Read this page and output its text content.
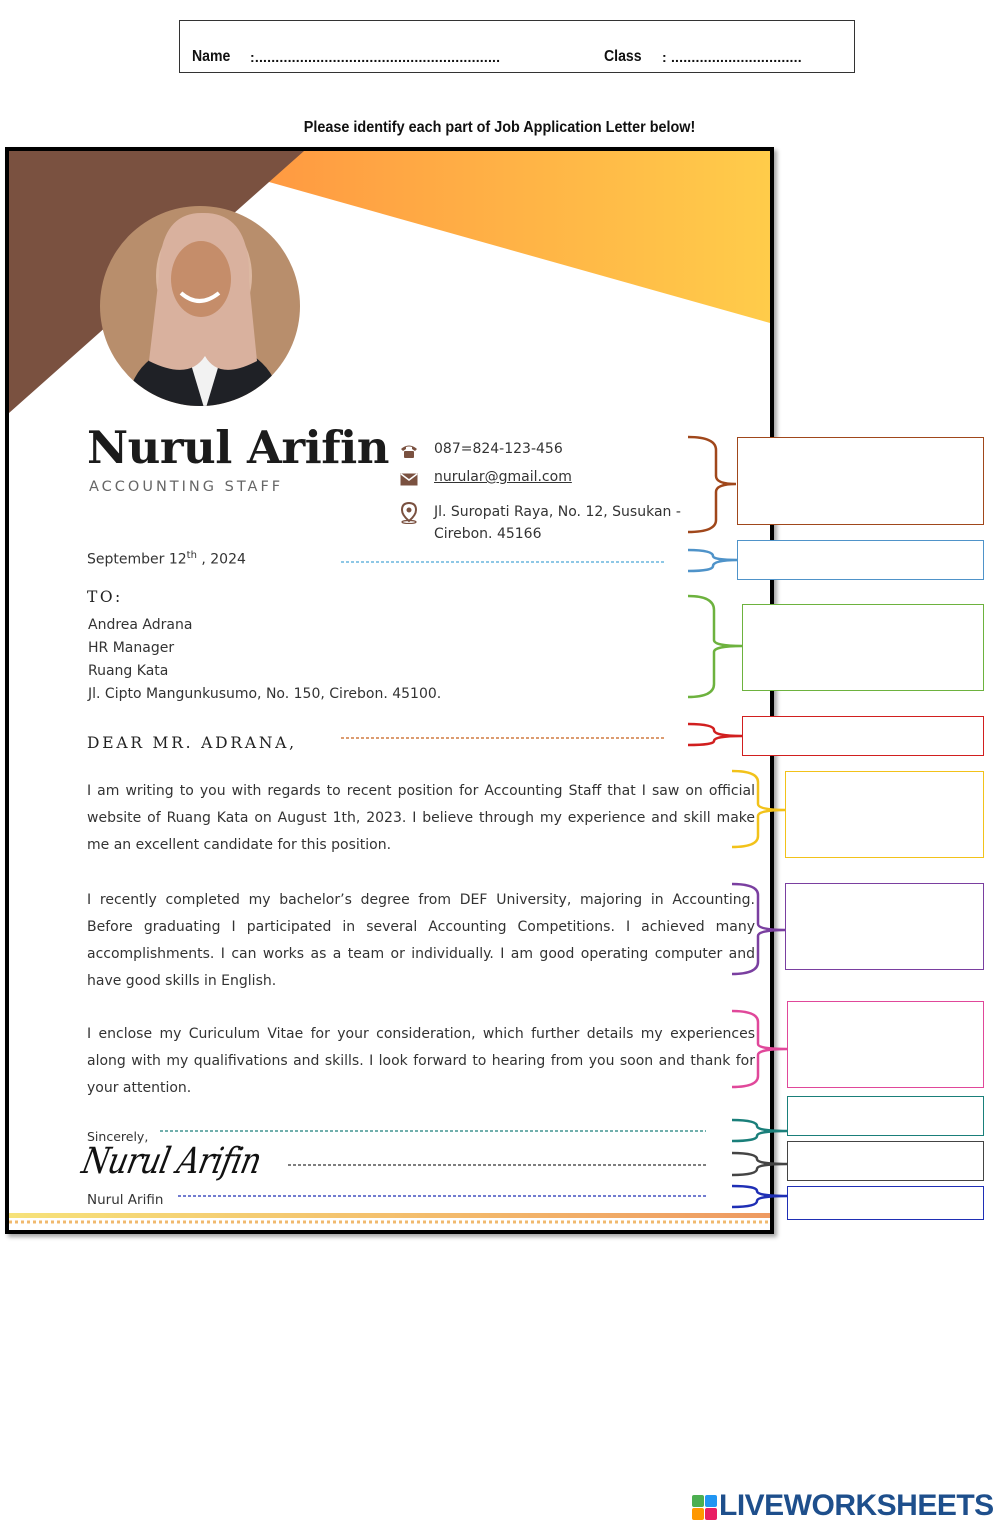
Name :............................................................	Class : ................................
Please identify each part of Job Application Letter below!
Nurul Arifin
ACCOUNTING STAFF
087=824-123-456
nurular@gmail.com
Jl. Suropati Raya, No. 12, Susukan -
Cirebon. 45166
September 12th , 2024
TO:
Andrea Adrana
HR Manager
Ruang Kata
Jl. Cipto Mangunkusumo, No. 150, Cirebon. 45100.
DEAR MR. ADRANA,
I am writing to you with regards to recent position for Accounting Staff that I saw on official website of Ruang Kata on August 1th, 2023. I believe through my experience and skill make me an excellent candidate for this position.
I recently completed my bachelor’s degree from DEF University, majoring in Accounting. Before graduating I participated in several Accounting Competitions. I achieved many accomplishments. I can works as a team or individually. I am good operating computer and have good skills in English.
I enclose my Curiculum Vitae for your consideration, which further details my experiences along with my qualifivations and skills. I look forward to hearing from you soon and thank for your attention.
Sincerely,
Nurul Arifin
Nurul Arifin
LIVEWORKSHEETS
